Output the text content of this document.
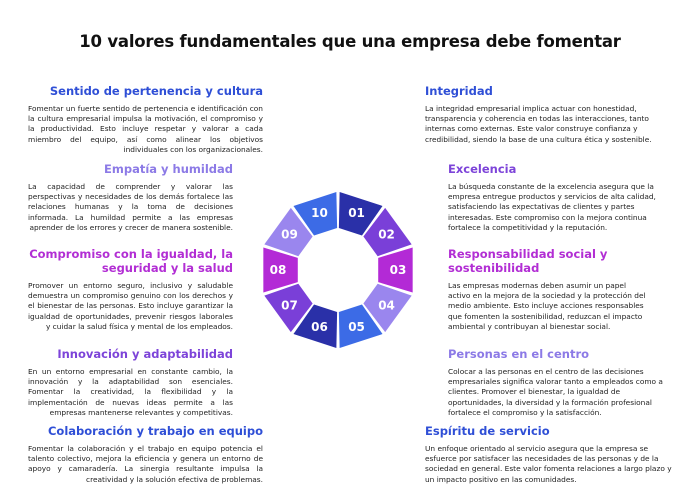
10 valores fundamentales que una empresa debe fomentar
Sentido de pertenencia y cultura

Fomentar un fuerte sentido de pertenencia e identificación con la cultura empresarial impulsa la motivación, el compromiso y la productividad. Esto incluye respetar y valorar a cada miembro del equipo, así como alinear los objetivos individuales con los organizacionales.

Empatía y humildad

La capacidad de comprender y valorar las perspectivas y necesidades de los demás fortalece las relaciones humanas y la toma de decisiones informada. La humildad permite a las empresas aprender de los errores y crecer de manera sostenible.

Compromiso con la igualdad, la seguridad y la salud

Promover un entorno seguro, inclusivo y saludable demuestra un compromiso genuino con los derechos y el bienestar de las personas. Esto incluye garantizar la igualdad de oportunidades, prevenir riesgos laborales y cuidar la salud física y mental de los empleados.

Innovación y adaptabilidad

En un entorno empresarial en constante cambio, la innovación y la adaptabilidad son esenciales. Fomentar la creatividad, la flexibilidad y la implementación de nuevas ideas permite a las empresas mantenerse relevantes y competitivas.

Colaboración y trabajo en equipo

Fomentar la colaboración y el trabajo en equipo potencia el talento colectivo, mejora la eficiencia y genera un entorno de apoyo y camaradería. La sinergia resultante impulsa la creatividad y la solución efectiva de problemas.

Integridad

La integridad empresarial implica actuar con honestidad, transparencia y coherencia en todas las interacciones, tanto internas como externas. Este valor construye confianza y credibilidad, siendo la base de una cultura ética y sostenible.

Excelencia

La búsqueda constante de la excelencia asegura que la empresa entregue productos y servicios de alta calidad, satisfaciendo las expectativas de clientes y partes interesadas. Este compromiso con la mejora continua fortalece la competitividad y la reputación.

Responsabilidad social y sostenibilidad

Las empresas modernas deben asumir un papel activo en la mejora de la sociedad y la protección del medio ambiente. Esto incluye acciones responsables que fomenten la sostenibilidad, reduzcan el impacto ambiental y contribuyan al bienestar social.

Personas en el centro

Colocar a las personas en el centro de las decisiones empresariales significa valorar tanto a empleados como a clientes. Promover el bienestar, la igualdad de oportunidades, la diversidad y la formación profesional fortalece el compromiso y la satisfacción.

Espíritu de servicio

Un enfoque orientado al servicio asegura que la empresa se esfuerce por satisfacer las necesidades de las personas y de la sociedad en general. Este valor fomenta relaciones a largo plazo y un impacto positivo en las comunidades.

01
02
03
04
05
06
07
08
09
10
